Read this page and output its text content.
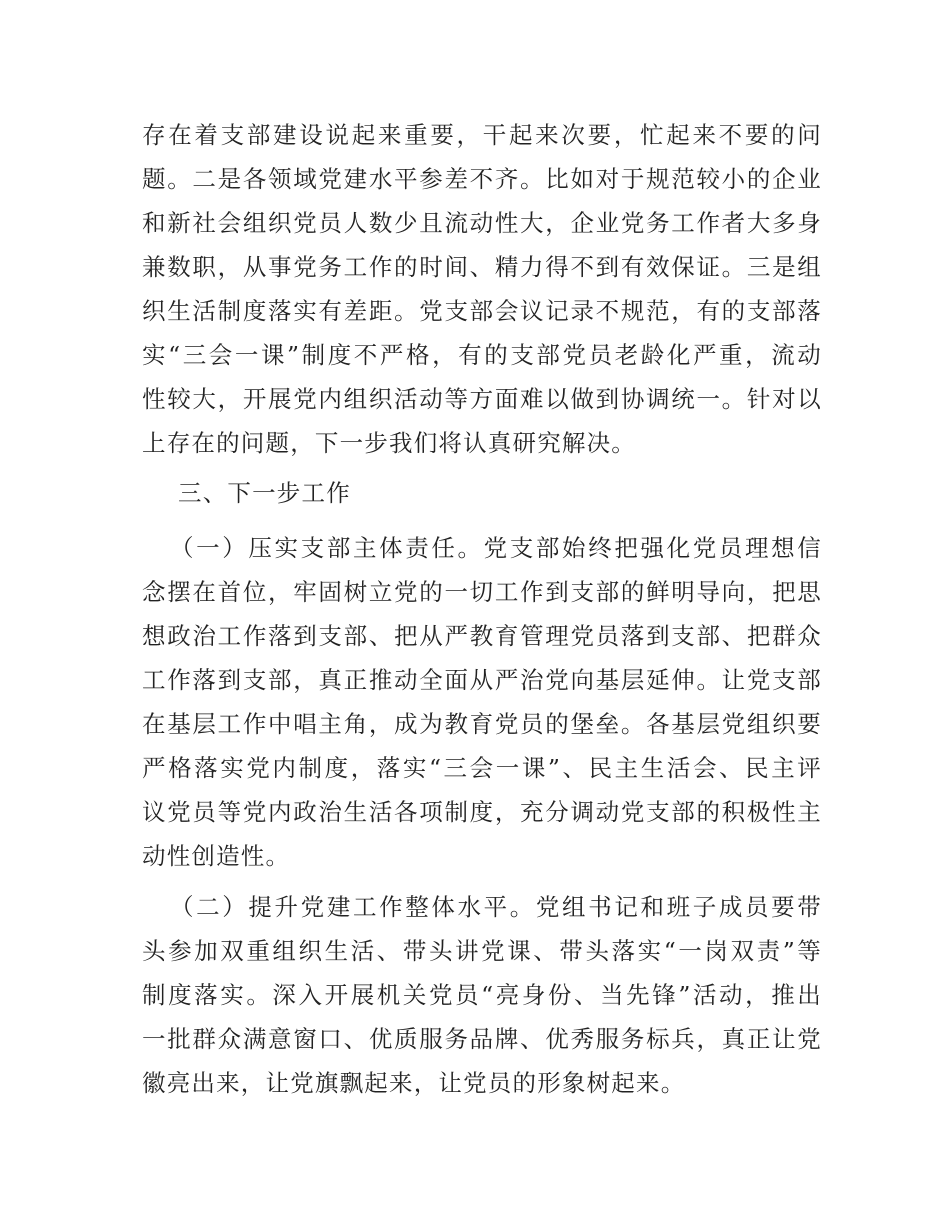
存在着支部建设说起来重要，干起来次要，忙起来不要的问
题。二是各领域党建水平参差不齐。比如对于规范较小的企业
和新社会组织党员人数少且流动性大，企业党务工作者大多身
兼数职，从事党务工作的时间、精力得不到有效保证。三是组
织生活制度落实有差距。党支部会议记录不规范，有的支部落
实“三会一课”制度不严格，有的支部党员老龄化严重，流动
性较大，开展党内组织活动等方面难以做到协调统一。针对以
上存在的问题，下一步我们将认真研究解决。
三、下一步工作
（一）压实支部主体责任。党支部始终把强化党员理想信
念摆在首位，牢固树立党的一切工作到支部的鲜明导向，把思
想政治工作落到支部、把从严教育管理党员落到支部、把群众
工作落到支部，真正推动全面从严治党向基层延伸。让党支部
在基层工作中唱主角，成为教育党员的堡垒。各基层党组织要
严格落实党内制度，落实“三会一课”、民主生活会、民主评
议党员等党内政治生活各项制度，充分调动党支部的积极性主
动性创造性。
（二）提升党建工作整体水平。党组书记和班子成员要带
头参加双重组织生活、带头讲党课、带头落实“一岗双责”等
制度落实。深入开展机关党员“亮身份、当先锋”活动，推出
一批群众满意窗口、优质服务品牌、优秀服务标兵，真正让党
徽亮出来，让党旗飘起来，让党员的形象树起来。
